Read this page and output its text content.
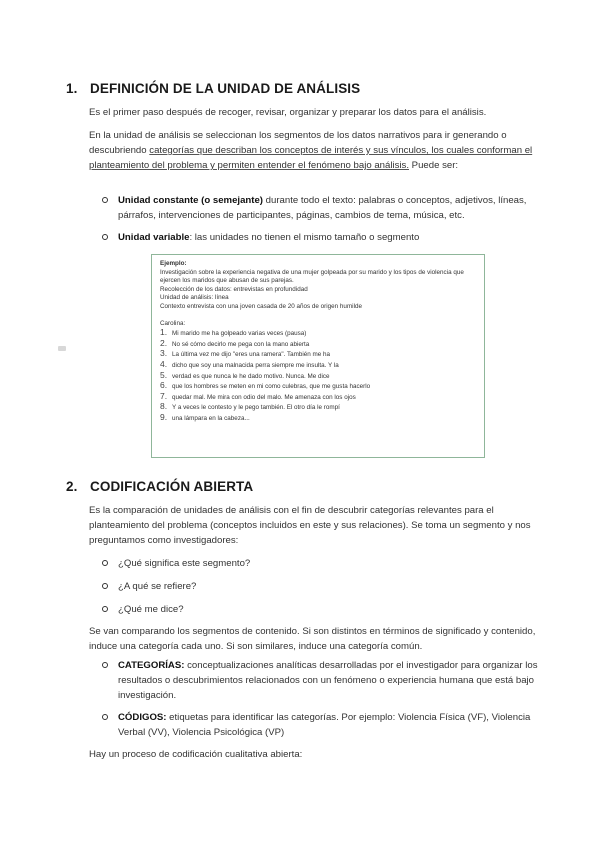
1. DEFINICIÓN DE LA UNIDAD DE ANÁLISIS

Es el primer paso después de recoger, revisar, organizar y preparar los datos para el análisis.

En la unidad de análisis se seleccionan los segmentos de los datos narrativos para ir generando o descubriendo categorías que describan los conceptos de interés y sus vínculos, los cuales conforman el planteamiento del problema y permiten entender el fenómeno bajo análisis. Puede ser:

Unidad constante (o semejante) durante todo el texto: palabras o conceptos, adjetivos, líneas, párrafos, intervenciones de participantes, páginas, cambios de tema, música, etc.
Unidad variable: las unidades no tienen el mismo tamaño o segmento
Ejemplo:
Investigación sobre la experiencia negativa de una mujer golpeada por su marido y los tipos de violencia que ejercen los maridos que abusan de sus parejas.
Recolección de los datos: entrevistas en profundidad
Unidad de análisis: línea
Contexto entrevista con una joven casada de 20 años de origen humilde
Carolina:
1. Mi marido me ha golpeado varias veces (pausa)
2. No sé cómo decirlo me pega con la mano abierta
3. La última vez me dijo "eres una ramera". También me ha
4. dicho que soy una malnacida perra siempre me insulta. Y la
5. verdad es que nunca le he dado motivo. Nunca. Me dice
6. que los hombres se meten en mi como culebras, que me gusta hacerlo
7. quedar mal. Me mira con odio del malo. Me amenaza con los ojos
8. Y a veces le contesto y le pego también. El otro día le rompí
9. una lámpara en la cabeza...
2. CODIFICACIÓN ABIERTA

Es la comparación de unidades de análisis con el fin de descubrir categorías relevantes para el planteamiento del problema (conceptos incluidos en este y sus relaciones). Se toma un segmento y nos preguntamos como investigadores:

¿Qué significa este segmento?
¿A qué se refiere?
¿Qué me dice?

Se van comparando los segmentos de contenido. Si son distintos en términos de significado y contenido, induce una categoría cada uno. Si son similares, induce una categoría común.

CATEGORÍAS: conceptualizaciones analíticas desarrolladas por el investigador para organizar los resultados o descubrimientos relacionados con un fenómeno o experiencia humana que está bajo investigación.
CÓDIGOS: etiquetas para identificar las categorías. Por ejemplo: Violencia Física (VF), Violencia Verbal (VV), Violencia Psicológica (VP)

Hay un proceso de codificación cualitativa abierta:
